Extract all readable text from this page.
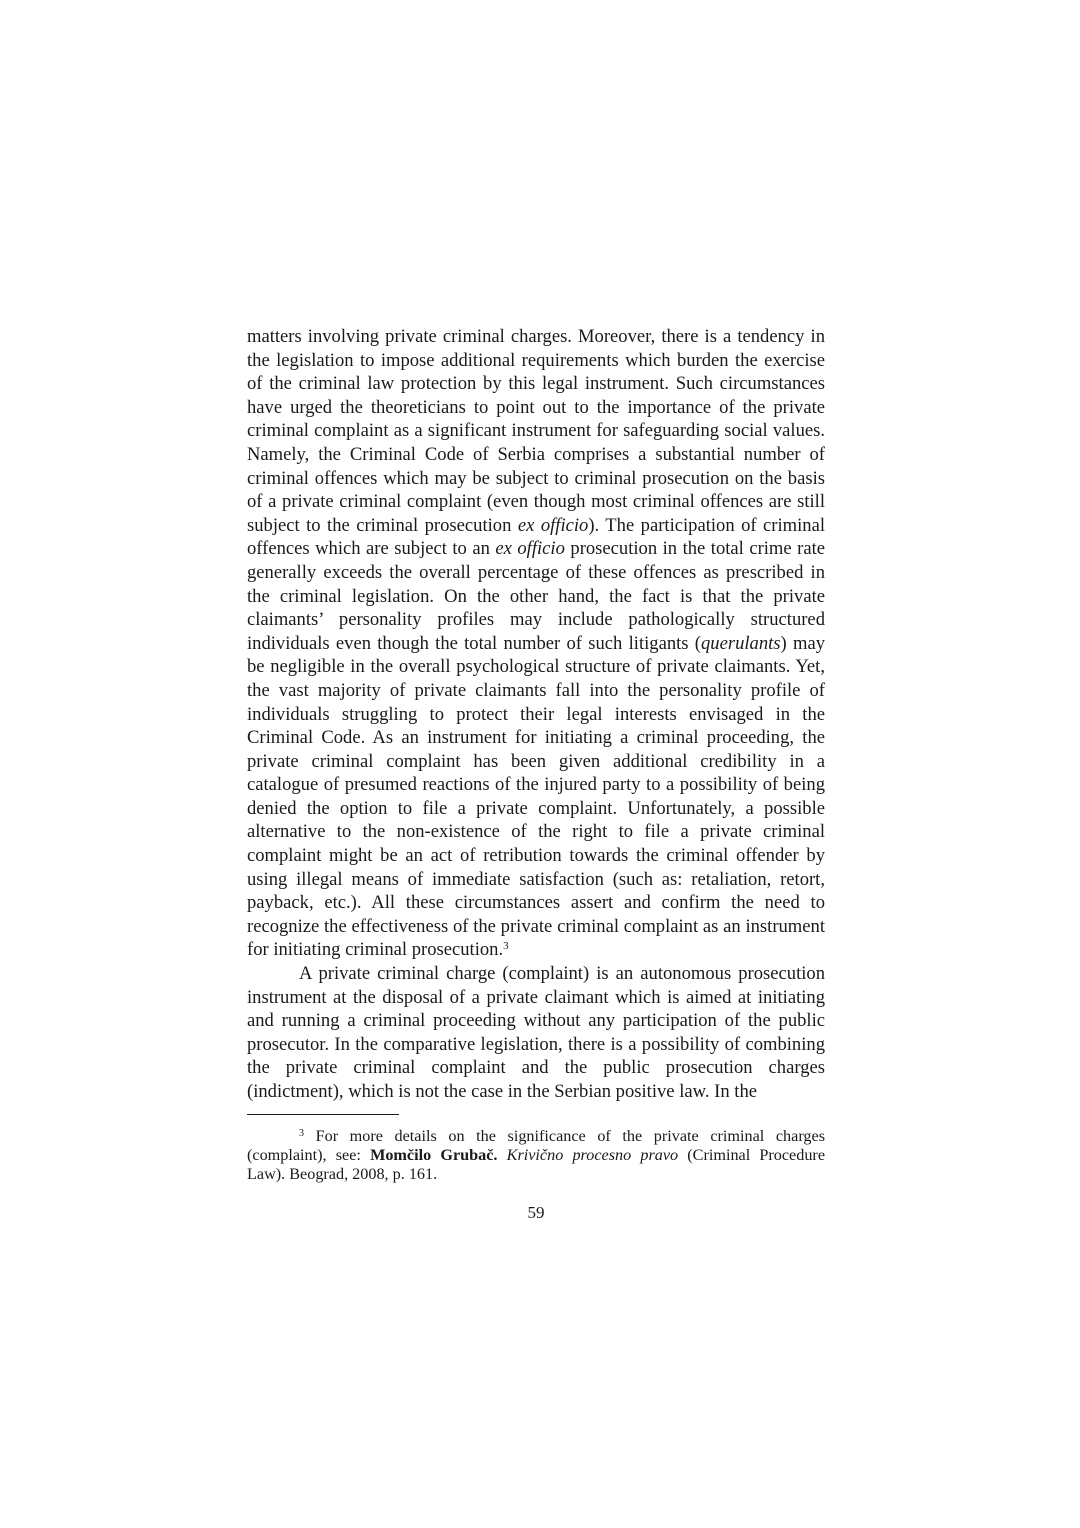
matters involving private criminal charges. Moreover, there is a tendency in the legislation to impose additional requirements which burden the exercise of the criminal law protection by this legal instrument. Such circumstances have urged the theoreticians to point out to the importance of the private criminal complaint as a significant instrument for safeguarding social values. Namely, the Criminal Code of Serbia comprises a substantial number of criminal offences which may be subject to criminal prosecution on the basis of a private criminal complaint (even though most criminal offences are still subject to the criminal prosecution ex officio). The participation of criminal offences which are subject to an ex officio prosecution in the total crime rate generally exceeds the overall percentage of these offences as prescribed in the criminal legislation. On the other hand, the fact is that the private claimants’ personality profiles may include pathologically structured individuals even though the total number of such litigants (querulants) may be negligible in the overall psychological structure of private claimants. Yet, the vast majority of private claimants fall into the personality profile of individuals struggling to protect their legal interests envisaged in the Criminal Code. As an instrument for initiating a criminal proceeding, the private criminal complaint has been given additional credibility in a catalogue of presumed reactions of the injured party to a possibility of being denied the option to file a private complaint. Unfortunately, a possible alternative to the non-existence of the right to file a private criminal complaint might be an act of retribution towards the criminal offender by using illegal means of immediate satisfaction (such as: retaliation, retort, payback, etc.). All these circumstances assert and confirm the need to recognize the effectiveness of the private criminal complaint as an instrument for initiating criminal prosecution.$^3$

A private criminal charge (complaint) is an autonomous prosecution instrument at the disposal of a private claimant which is aimed at initiating and running a criminal proceeding without any participation of the public prosecutor. In the comparative legislation, there is a possibility of combining the private criminal complaint and the public prosecution charges (indictment), which is not the case in the Serbian positive law. In the

$^3$ For more details on the significance of the private criminal charges (complaint), see: Momčilo Grubač. Krivično procesno pravo (Criminal Procedure Law). Beograd, 2008, p. 161.

59
